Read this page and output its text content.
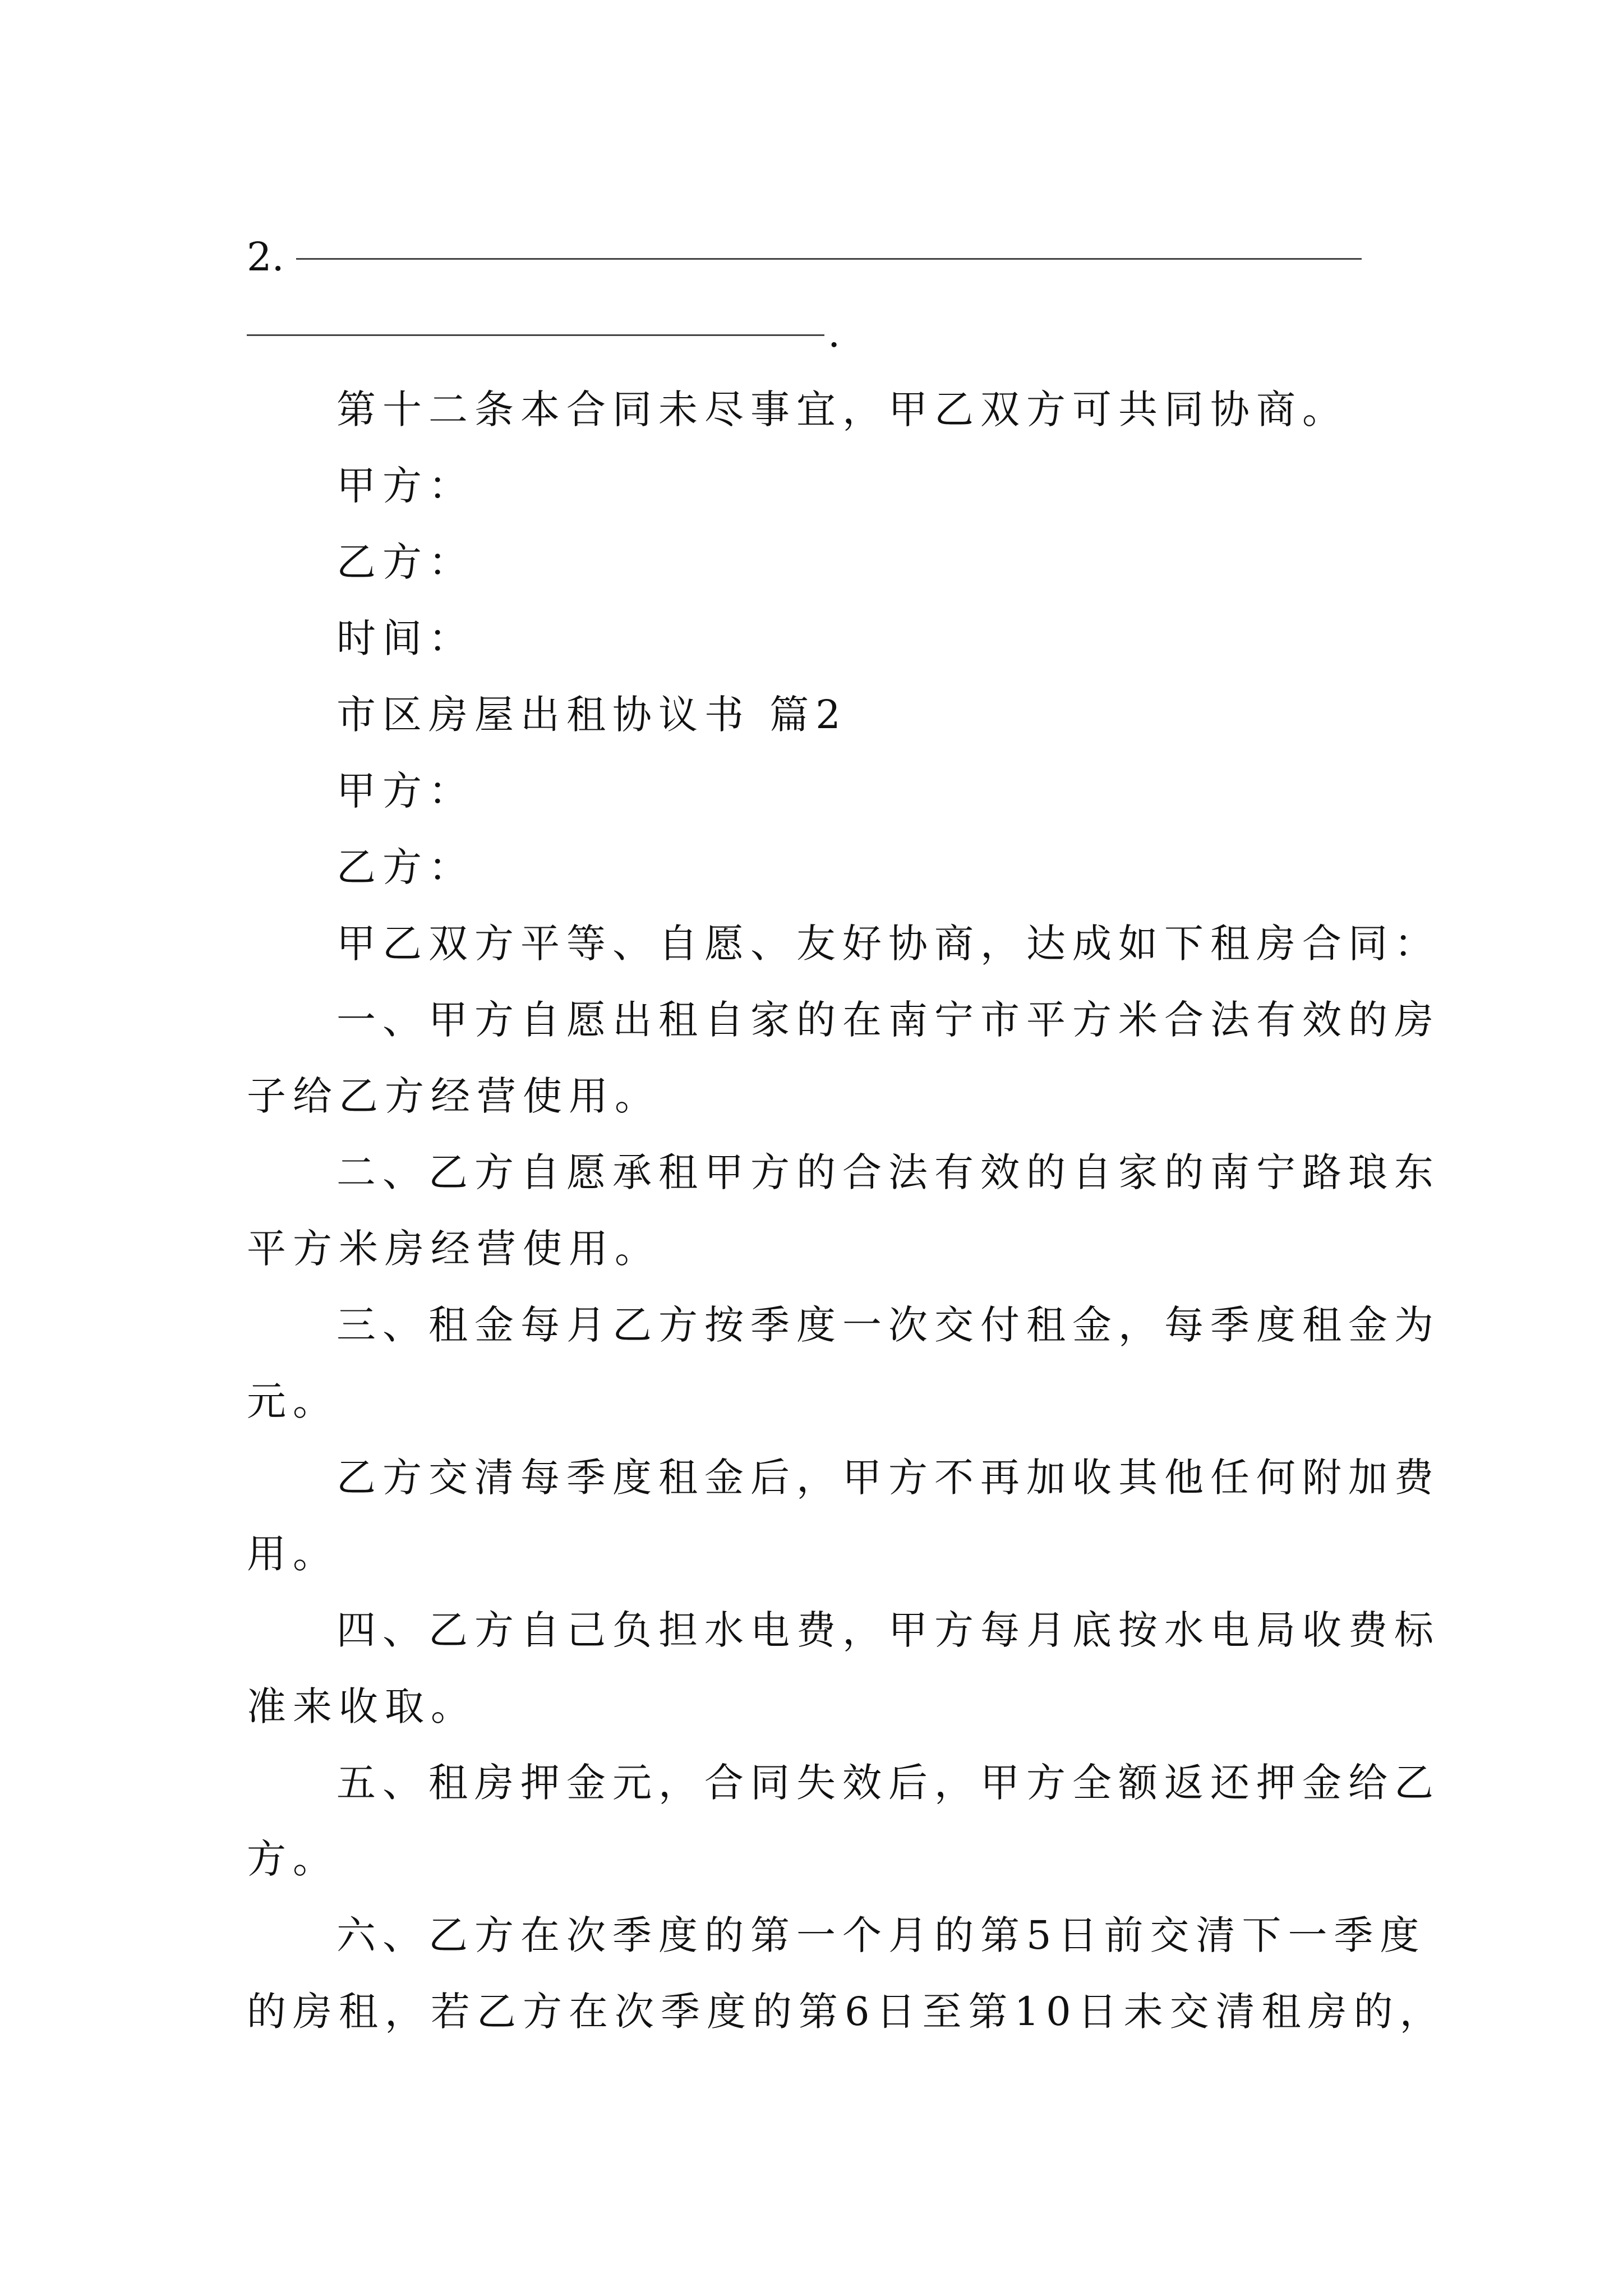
2.
.
第十二条本合同未尽事宜，甲乙双方可共同协商。
甲方：
乙方：
时间：
市区房屋出租协议书 篇2
甲方：
乙方：
甲乙双方平等、自愿、友好协商，达成如下租房合同：
一、甲方自愿出租自家的在南宁市平方米合法有效的房
子给乙方经营使用。
二、乙方自愿承租甲方的合法有效的自家的南宁路琅东
平方米房经营使用。
三、租金每月乙方按季度一次交付租金，每季度租金为
元。
乙方交清每季度租金后，甲方不再加收其他任何附加费
用。
四、乙方自己负担水电费，甲方每月底按水电局收费标
准来收取。
五、租房押金元，合同失效后，甲方全额返还押金给乙
方。
六、乙方在次季度的第一个月的第5日前交清下一季度
的房租，若乙方在次季度的第6日至第10日未交清租房的，
